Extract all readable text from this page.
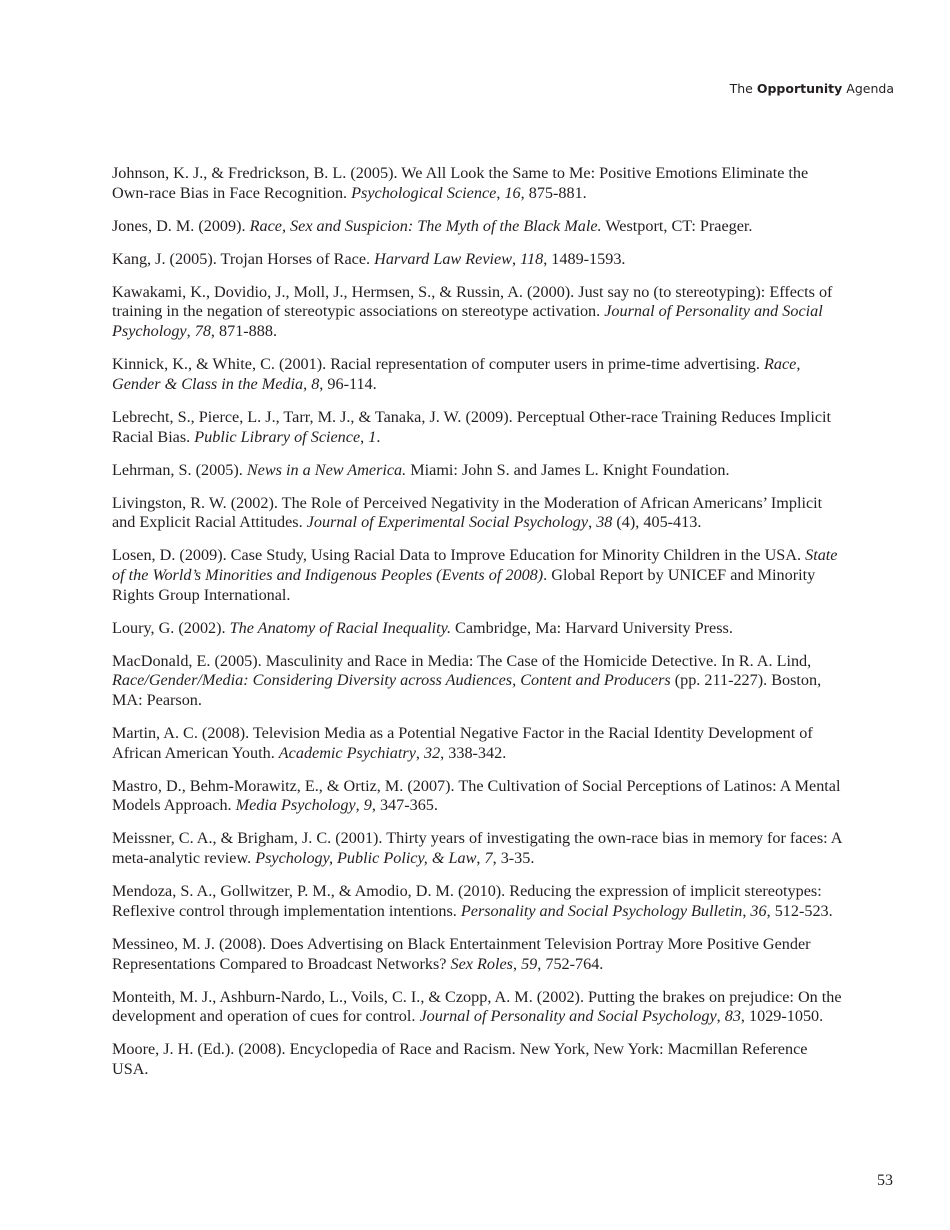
The Opportunity Agenda

Johnson, K. J., & Fredrickson, B. L. (2005). We All Look the Same to Me: Positive Emotions Eliminate the Own-race Bias in Face Recognition. Psychological Science, 16, 875-881.

Jones, D. M. (2009). Race, Sex and Suspicion: The Myth of the Black Male. Westport, CT: Praeger.

Kang, J. (2005). Trojan Horses of Race. Harvard Law Review, 118, 1489-1593.

Kawakami, K., Dovidio, J., Moll, J., Hermsen, S., & Russin, A. (2000). Just say no (to stereotyping): Effects of training in the negation of stereotypic associations on stereotype activation. Journal of Personality and Social Psychology, 78, 871-888.

Kinnick, K., & White, C. (2001). Racial representation of computer users in prime-time advertising. Race, Gender & Class in the Media, 8, 96-114.

Lebrecht, S., Pierce, L. J., Tarr, M. J., & Tanaka, J. W. (2009). Perceptual Other-race Training Reduces Implicit Racial Bias. Public Library of Science, 1.

Lehrman, S. (2005). News in a New America. Miami: John S. and James L. Knight Foundation.

Livingston, R. W. (2002). The Role of Perceived Negativity in the Moderation of African Americans’ Implicit and Explicit Racial Attitudes. Journal of Experimental Social Psychology, 38 (4), 405-413.

Losen, D. (2009). Case Study, Using Racial Data to Improve Education for Minority Children in the USA. State of the World’s Minorities and Indigenous Peoples (Events of 2008). Global Report by UNICEF and Minority Rights Group International.

Loury, G. (2002). The Anatomy of Racial Inequality. Cambridge, Ma: Harvard University Press.

MacDonald, E. (2005). Masculinity and Race in Media: The Case of the Homicide Detective. In R. A. Lind, Race/Gender/Media: Considering Diversity across Audiences, Content and Producers (pp. 211-227). Boston, MA: Pearson.

Martin, A. C. (2008). Television Media as a Potential Negative Factor in the Racial Identity Development of African American Youth. Academic Psychiatry, 32, 338-342.

Mastro, D., Behm-Morawitz, E., & Ortiz, M. (2007). The Cultivation of Social Perceptions of Latinos: A Mental Models Approach. Media Psychology, 9, 347-365.

Meissner, C. A., & Brigham, J. C. (2001). Thirty years of investigating the own-race bias in memory for faces: A meta-analytic review. Psychology, Public Policy, & Law, 7, 3-35.

Mendoza, S. A., Gollwitzer, P. M., & Amodio, D. M. (2010). Reducing the expression of implicit stereotypes: Reflexive control through implementation intentions. Personality and Social Psychology Bulletin, 36, 512-523.

Messineo, M. J. (2008). Does Advertising on Black Entertainment Television Portray More Positive Gender Representations Compared to Broadcast Networks? Sex Roles, 59, 752-764.

Monteith, M. J., Ashburn-Nardo, L., Voils, C. I., & Czopp, A. M. (2002). Putting the brakes on prejudice: On the development and operation of cues for control. Journal of Personality and Social Psychology, 83, 1029-1050.

Moore, J. H. (Ed.). (2008). Encyclopedia of Race and Racism. New York, New York: Macmillan Reference USA.

53
